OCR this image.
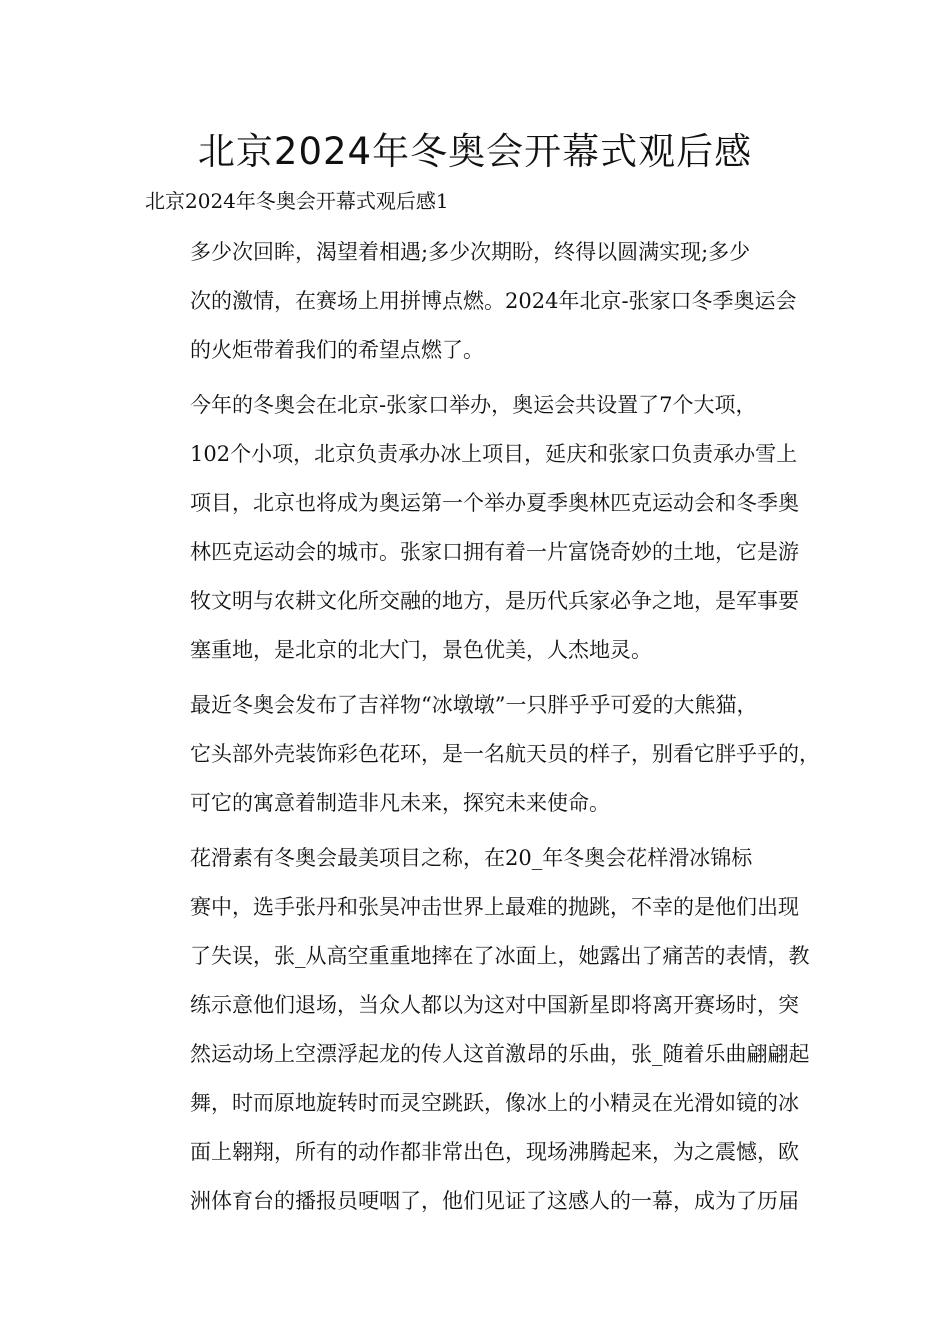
北京2024年冬奥会开幕式观后感

北京2024年冬奥会开幕式观后感1

多少次回眸，渴望着相遇;多少次期盼，终得以圆满实现;多少
次的激情，在赛场上用拼博点燃。2024年北京-张家口冬季奥运会
的火炬带着我们的希望点燃了。

今年的冬奥会在北京-张家口举办，奥运会共设置了7个大项，
102个小项，北京负责承办冰上项目，延庆和张家口负责承办雪上
项目，北京也将成为奥运第一个举办夏季奥林匹克运动会和冬季奥
林匹克运动会的城市。张家口拥有着一片富饶奇妙的土地，它是游
牧文明与农耕文化所交融的地方，是历代兵家必争之地，是军事要
塞重地，是北京的北大门，景色优美，人杰地灵。

最近冬奥会发布了吉祥物“冰墩墩”一只胖乎乎可爱的大熊猫，
它头部外壳装饰彩色花环，是一名航天员的样子，别看它胖乎乎的，
可它的寓意着制造非凡未来，探究未来使命。

花滑素有冬奥会最美项目之称，在20_年冬奥会花样滑冰锦标
赛中，选手张丹和张昊冲击世界上最难的抛跳，不幸的是他们出现
了失误，张_从高空重重地摔在了冰面上，她露出了痛苦的表情，教
练示意他们退场，当众人都以为这对中国新星即将离开赛场时，突
然运动场上空漂浮起龙的传人这首激昂的乐曲，张_随着乐曲翩翩起
舞，时而原地旋转时而灵空跳跃，像冰上的小精灵在光滑如镜的冰
面上翱翔，所有的动作都非常出色，现场沸腾起来，为之震憾，欧
洲体育台的播报员哽咽了，他们见证了这感人的一幕，成为了历届
